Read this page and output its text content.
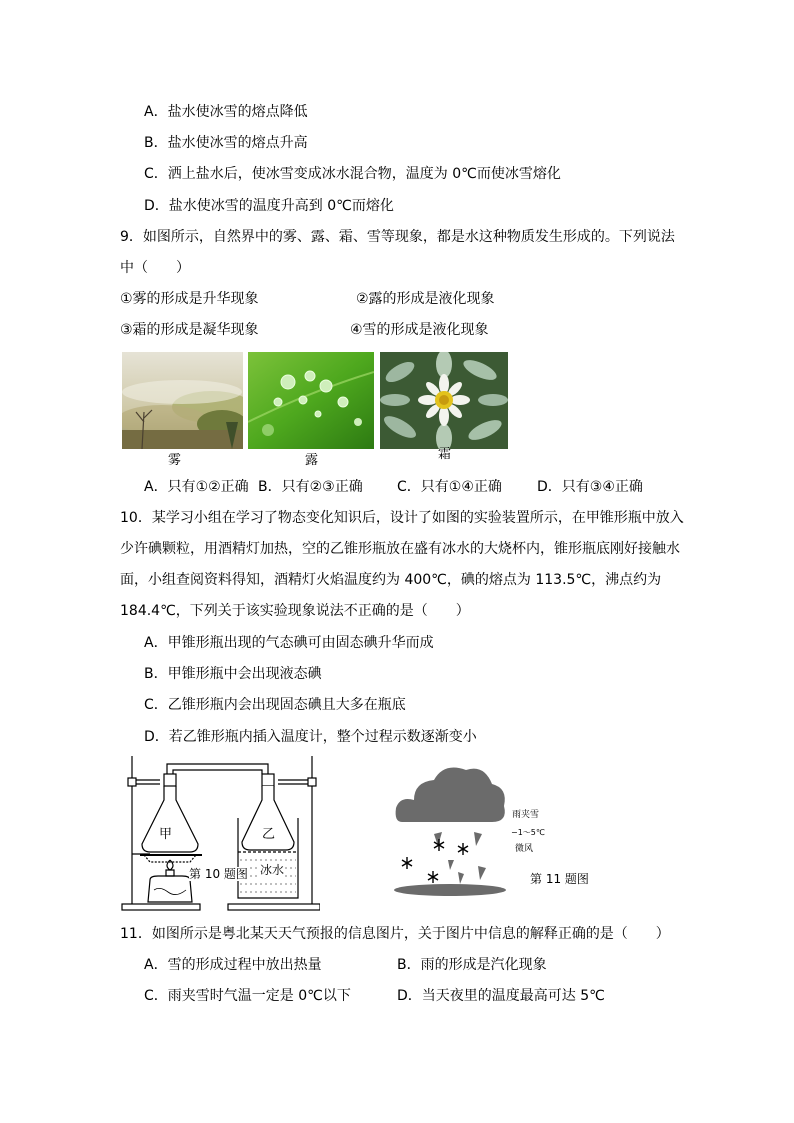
A．盐水使冰雪的熔点降低
B．盐水使冰雪的熔点升高
C．洒上盐水后，使冰雪变成冰水混合物，温度为 0℃而使冰雪熔化
D．盐水使冰雪的温度升高到 0℃而熔化
9．如图所示，自然界中的雾、露、霜、雪等现象，都是水这种物质发生形成的。下列说法
中（　　）
①雾的形成是升华现象	②露的形成是液化现象
③霜的形成是凝华现象	④雪的形成是液化现象
雾	露	霜
A．只有①②正确 B．只有②③正确 C．只有①④正确	D．只有③④正确
10．某学习小组在学习了物态变化知识后，设计了如图的实验装置所示，在甲锥形瓶中放入
少许碘颗粒，用酒精灯加热，空的乙锥形瓶放在盛有冰水的大烧杯内，锥形瓶底刚好接触水
面，小组查阅资料得知，酒精灯火焰温度约为 400℃，碘的熔点为 113.5℃，沸点约为
184.4℃，下列关于该实验现象说法不正确的是（　　）
A．甲锥形瓶出现的气态碘可由固态碘升华而成
B．甲锥形瓶中会出现液态碘
C．乙锥形瓶内会出现固态碘且大多在瓶底
D．若乙锥形瓶内插入温度计，整个过程示数逐渐变小
甲	乙
冰水
第 10 题图
雨夹雪
−1～5℃
微风
第 11 题图
11．如图所示是粤北某天天气预报的信息图片，关于图片中信息的解释正确的是（　　）
A．雪的形成过程中放出热量	B．雨的形成是汽化现象
C．雨夹雪时气温一定是 0℃以下	D．当天夜里的温度最高可达 5℃
